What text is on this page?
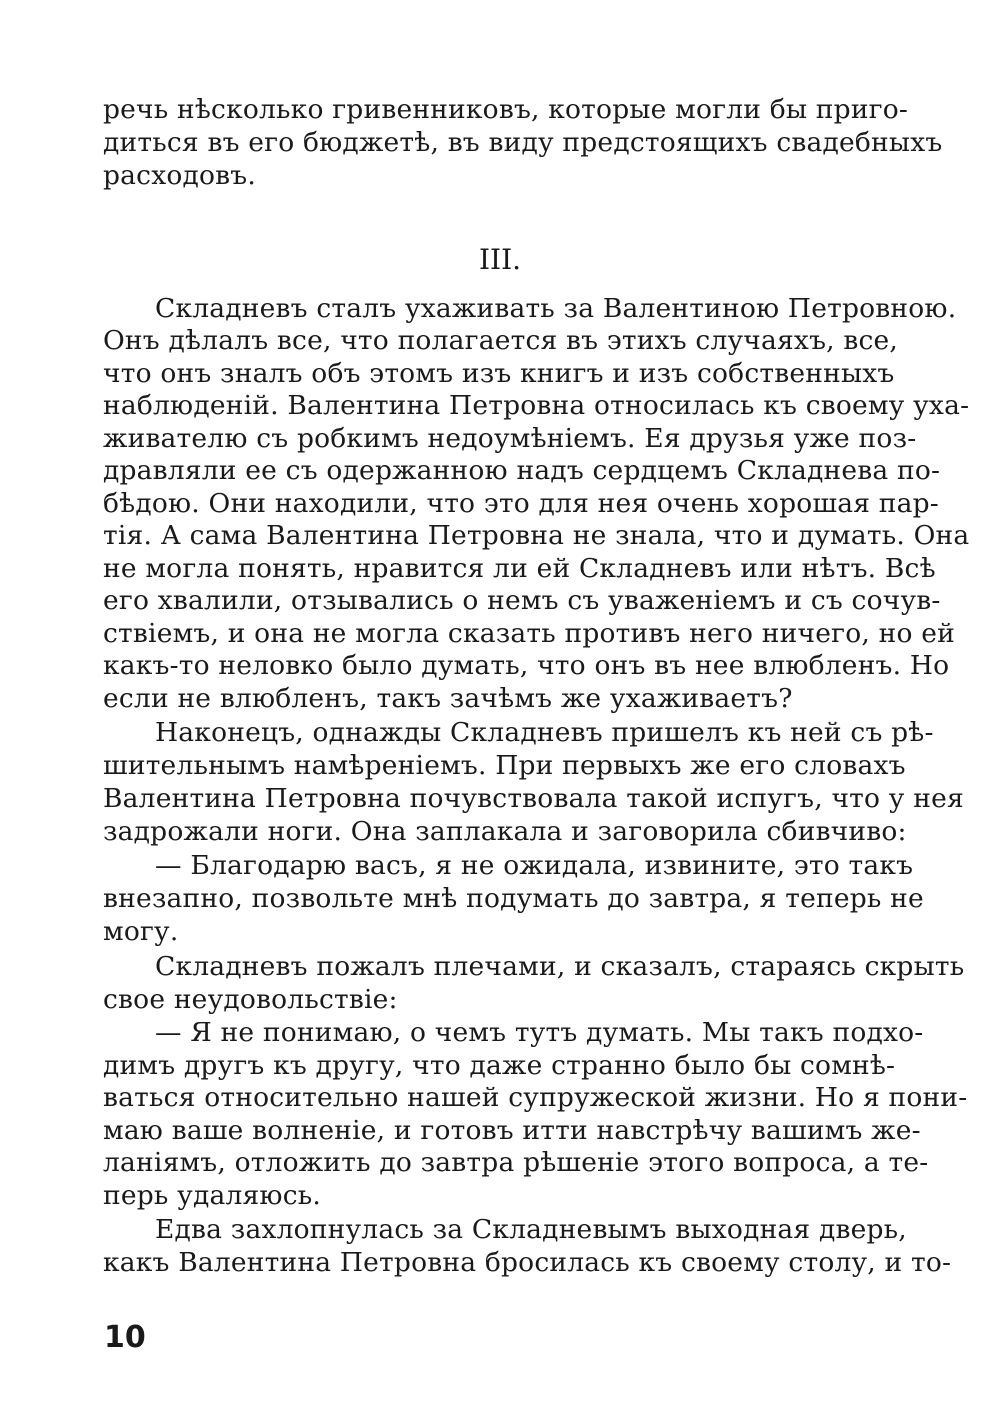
речь нѣсколько гривенниковъ, которые могли бы приго-
диться въ его бюджетѣ, въ виду предстоящихъ свадебныхъ
расходовъ.
III.
Складневъ сталъ ухаживать за Валентиною Петровною.
Онъ дѣлалъ все, что полагается въ этихъ случаяхъ, все,
что онъ зналъ объ этомъ изъ книгъ и изъ собственныхъ
наблюденій. Валентина Петровна относилась къ своему уха-
живателю съ робкимъ недоумѣніемъ. Ея друзья уже поз-
дравляли ее съ одержанною надъ сердцемъ Складнева по-
бѣдою. Они находили, что это для нея очень хорошая пар-
тія. А сама Валентина Петровна не знала, что и думать. Она
не могла понять, нравится ли ей Складневъ или нѣтъ. Всѣ
его хвалили, отзывались о немъ съ уваженіемъ и съ сочув-
ствіемъ, и она не могла сказать противъ него ничего, но ей
какъ-то неловко было думать, что онъ въ нее влюбленъ. Но
если не влюбленъ, такъ зачѣмъ же ухаживаетъ?
Наконецъ, однажды Складневъ пришелъ къ ней съ рѣ-
шительнымъ намѣреніемъ. При первыхъ же его словахъ
Валентина Петровна почувствовала такой испугъ, что у нея
задрожали ноги. Она заплакала и заговорила сбивчиво:
— Благодарю васъ, я не ожидала, извините, это такъ
внезапно, позвольте мнѣ подумать до завтра, я теперь не
могу.
Складневъ пожалъ плечами, и сказалъ, стараясь скрыть
свое неудовольствіе:
— Я не понимаю, о чемъ тутъ думать. Мы такъ подхо-
димъ другъ къ другу, что даже странно было бы сомнѣ-
ваться относительно нашей супружеской жизни. Но я пони-
маю ваше волненіе, и готовъ итти навстрѣчу вашимъ же-
ланіямъ, отложить до завтра рѣшеніе этого вопроса, а те-
перь удаляюсь.
Едва захлопнулась за Складневымъ выходная дверь,
какъ Валентина Петровна бросилась къ своему столу, и то-
10
